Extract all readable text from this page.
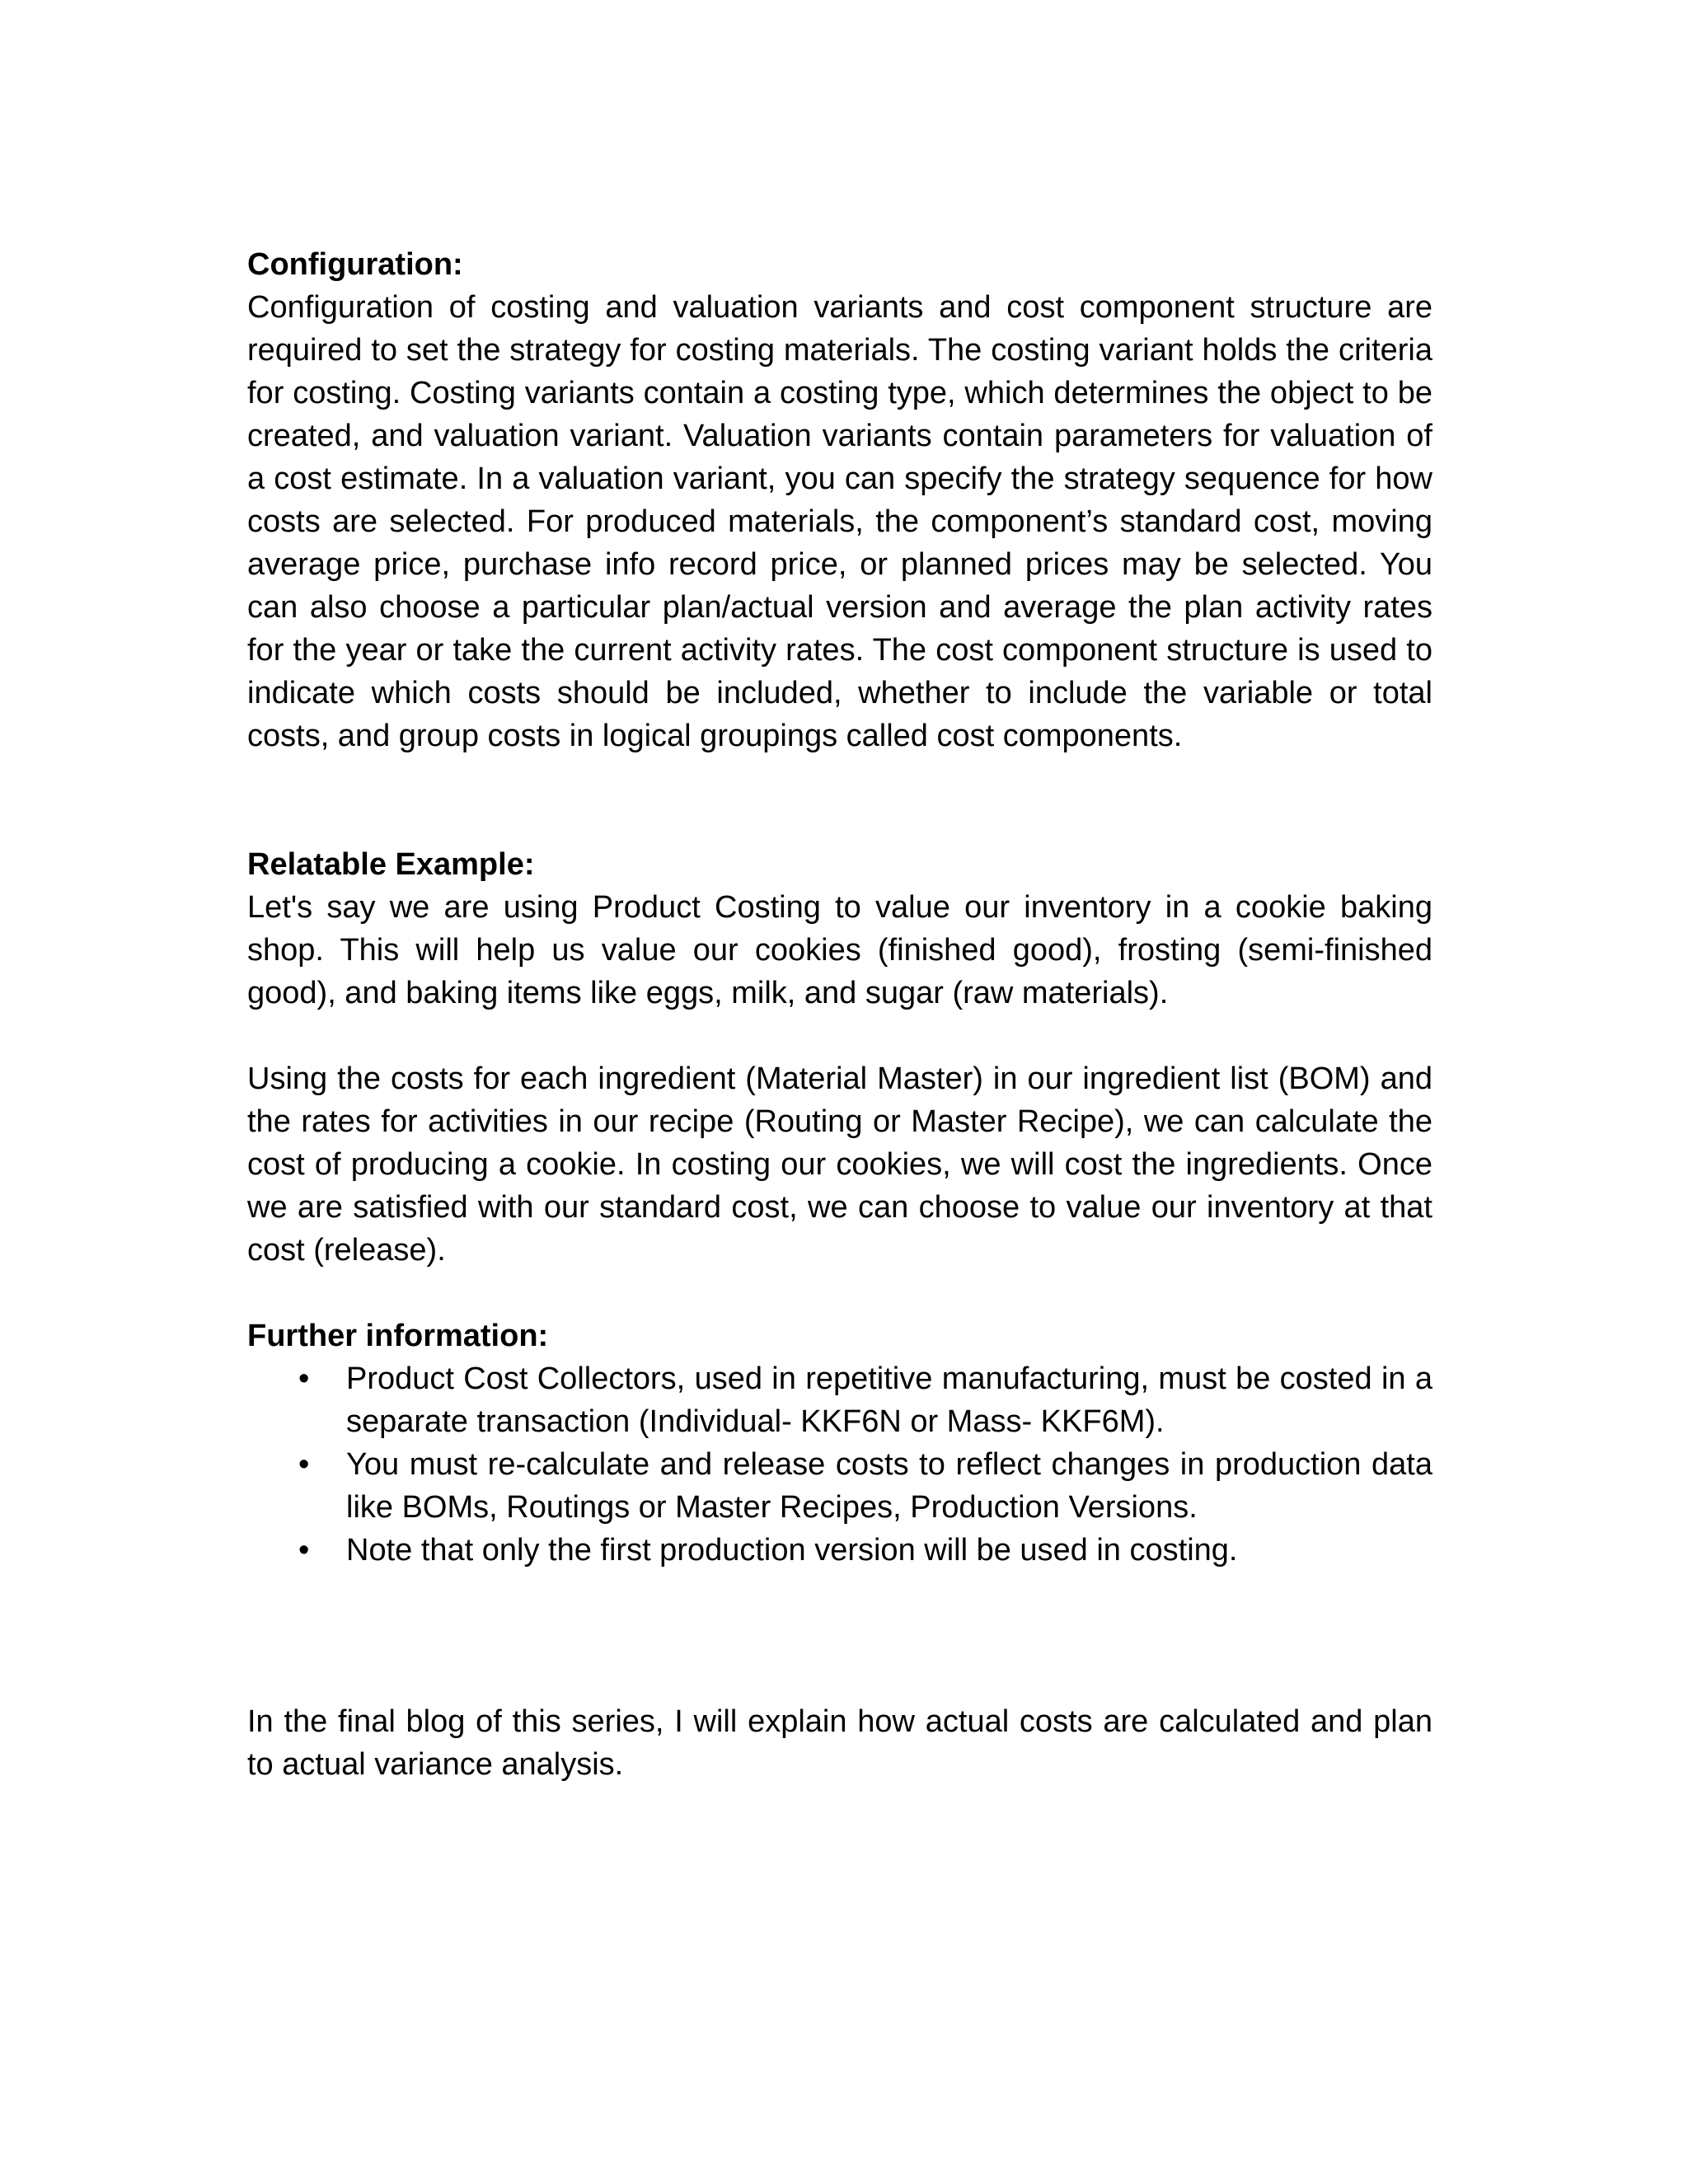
Configuration:

Configuration of costing and valuation variants and cost component structure are required to set the strategy for costing materials. The costing variant holds the criteria for costing. Costing variants contain a costing type, which determines the object to be created, and valuation variant. Valuation variants contain parameters for valuation of a cost estimate. In a valuation variant, you can specify the strategy sequence for how costs are selected. For produced materials, the component’s standard cost, moving average price, purchase info record price, or planned prices may be selected. You can also choose a particular plan/actual version and average the plan activity rates for the year or take the current activity rates. The cost component structure is used to indicate which costs should be included, whether to include the variable or total costs, and group costs in logical groupings called cost components.

Relatable Example:

Let's say we are using Product Costing to value our inventory in a cookie baking shop. This will help us value our cookies (finished good), frosting (semi-finished good), and baking items like eggs, milk, and sugar (raw materials).

Using the costs for each ingredient (Material Master) in our ingredient list (BOM) and the rates for activities in our recipe (Routing or Master Recipe), we can calculate the cost of producing a cookie. In costing our cookies, we will cost the ingredients. Once we are satisfied with our standard cost, we can choose to value our inventory at that cost (release).

Further information:

• Product Cost Collectors, used in repetitive manufacturing, must be costed in a separate transaction (Individual- KKF6N or Mass- KKF6M).
• You must re-calculate and release costs to reflect changes in production data like BOMs, Routings or Master Recipes, Production Versions.
• Note that only the first production version will be used in costing.

In the final blog of this series, I will explain how actual costs are calculated and plan to actual variance analysis.
